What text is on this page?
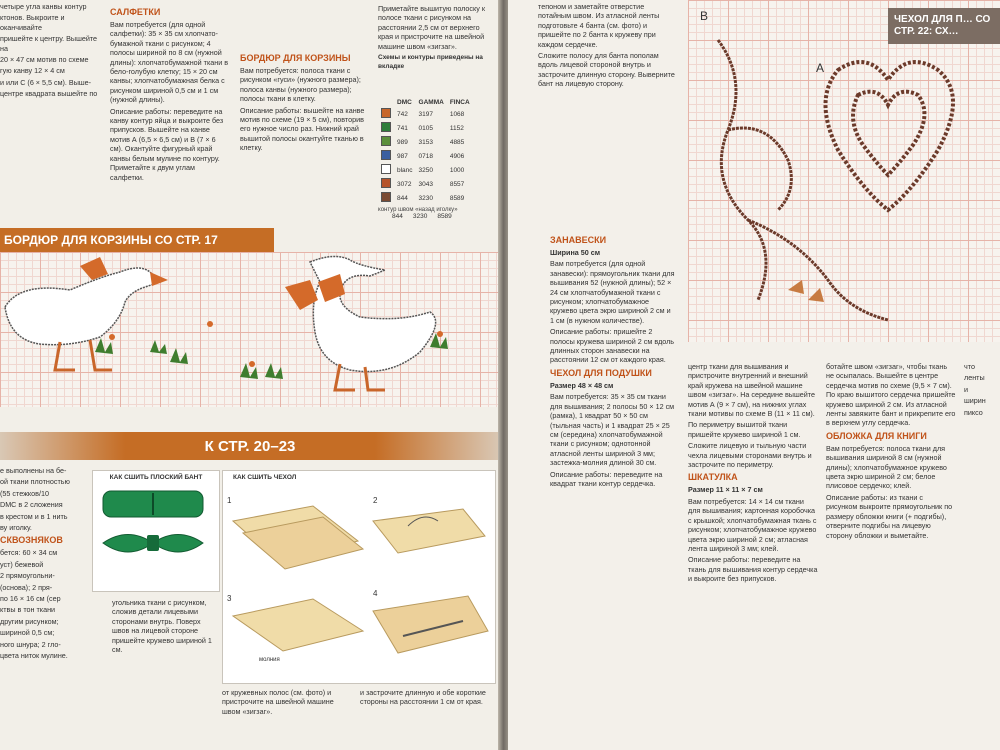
четыре угла канвы контур

ктонов. Выкроите и оканчивайте

пришейте к центру. Вышейте на

20 × 47 см мотив по схеме

гую канву 12 × 4 см

и или С (6 × 5,5 см). Выше-

центре квадрата вышейте по

САЛФЕТКИ

Вам потребуется (для одной салфетки): 35 × 35 см хлопчато-бумажной ткани с рисунком; 4 полосы шириной по 8 см (нужной длины): хлопчатобумажной ткани в бело-голубую клетку; 15 × 20 см канвы; хлопчатобумажная белка с рисунком шириной 0,5 см и 1 см (нужной длины).

Описание работы: переведите на канву контур яйца и выкроите без припусков. Вышейте на канве мотив А (6,5 × 6,5 см) и В (7 × 6 см). Окантуйте фигурный край канвы белым мулине по контуру. Приметайте к двум углам салфетки.

БОРДЮР ДЛЯ КОРЗИНЫ

Вам потребуется: полоса ткани с рисунком «гуси» (нужного размера); полоса канвы (нужного размера); полосы ткани в клетку.

Описание работы: вышейте на канве мотив по схеме (19 × 5 см), повторив его нужное число раз. Нижний край вышитой полосы окантуйте тканью в клетку.

Приметайте вышитую полоску к полосе ткани с рисунком на расстоянии 2,5 см от верхнего края и пристрочите на швейной машине швом «зигзаг».

Схемы и контуры приведены на вкладке

	DMC	GAMMA	FINCA
	742	3197	1068
	741	0105	1152
	989	3153	4885
	987	0718	4906
	blanc	3250	1000
	3072	3043	8557
	844	3230	8589
контур швом «назад иголку»
844 3230 8589
БОРДЮР ДЛЯ КОРЗИНЫ СО СТР. 17
К СТР. 20–23

е выполнены на бе-

ой ткани плотностью

(55 стежков/10

DMC в 2 сложения

в крестом и в 1 нить

ву иголку.

СКВОЗНЯКОВ

бется: 60 × 34 см

уст) бежевой

2 прямоугольни-

(основа); 2 пря-

по 16 × 16 см (сер

ктвы в тон ткани

другим рисунком;

шириной 0,5 см;

ного шнура; 2 гло-

цвета ниток мулине.

КАК СШИТЬ ПЛОСКИЙ БАНТ	КАК СШИТЬ ЧЕХОЛ
1	2
3
4
молния

угольника ткани с рисунком, сложив детали лицевыми сторонами внутрь. Поверх швов на лицевой стороне пришейте кружево шириной 1 см.

от кружевных полос (см. фото) и пристрочите на швейной машине швом «зигзаг».

и застрочите длинную и обе короткие стороны на расстоянии 1 см от края.

тепоном и заметайте отверстие потайным швом. Из атласной ленты подготовьте 4 банта (см. фото) и пришейте по 2 банта к кружеву при каждом сердечке.

Сложите полосу для банта пополам вдоль лицевой стороной внутрь и застрочите длинную сторону. Выверните бант на лицевую сторону.

В
А
ЧЕХОЛ ДЛЯ П… СО СТР. 22: СХ…
ЗАНАВЕСКИ

Ширина 50 см

Вам потребуется (для одной занавески): прямоугольник ткани для вышивания 52 (нужной длины); 52 × 24 см хлопчатобумажной ткани с рисунком; хлопчатобумажное кружево цвета экрю шириной 2 см и 1 см (в нужном количестве).

Описание работы: пришейте 2 полосы кружева шириной 2 см вдоль длинных сторон занавески на расстоянии 12 см от каждого края.

ЧЕХОЛ ДЛЯ ПОДУШКИ

Размер 48 × 48 см

Вам потребуется: 35 × 35 см ткани для вышивания; 2 полосы 50 × 12 см (рамка), 1 квадрат 50 × 50 см (тыльная часть) и 1 квадрат 25 × 25 см (середина) хлопчатобумажной ткани с рисунком; однотонной атласной ленты шириной 3 мм; застежка-молния длиной 30 см.

Описание работы: переведите на квадрат ткани контур сердечка.

центр ткани для вышивания и пристрочите внутренний и внешний край кружева на швейной машине швом «зигзаг». На середине вышейте мотив А (9 × 7 см), на нижних углах ткани мотивы по схеме В (11 × 11 см).

По периметру вышитой ткани пришейте кружево шириной 1 см.

Сложите лицевую и тыльную части чехла лицевыми сторонами внутрь и застрочите по периметру.

ШКАТУЛКА

Размер 11 × 11 × 7 см

Вам потребуется: 14 × 14 см ткани для вышивания; картонная коробочка с крышкой; хлопчатобумажная ткань с рисунком; хлопчатобумажное кружево цвета экрю шириной 2 см; атласная лента шириной 3 мм; клей.

Описание работы: переведите на ткань для вышивания контур сердечка и выкроите без припусков.

ботайте швом «зигзаг», чтобы ткань не осыпалась. Вышейте в центре сердечка мотив по схеме (9,5 × 7 см). По краю вышитого сердечка пришейте кружево шириной 2 см. Из атласной ленты завяжите бант и прикрепите его в верхнем углу сердечка.

ОБЛОЖКА ДЛЯ КНИГИ

Вам потребуется: полоса ткани для вышивания шириной 8 см (нужной длины); хлопчатобумажное кружево цвета экрю шириной 2 см; белое плисовое сердечко; клей.

Описание работы: из ткани с рисунком выкроите прямоугольник по размеру обложки книги (+ подгибы), отверните подгибы на лицевую сторону обложки и выметайте.

что

ленты

и

ширин

пиксо
